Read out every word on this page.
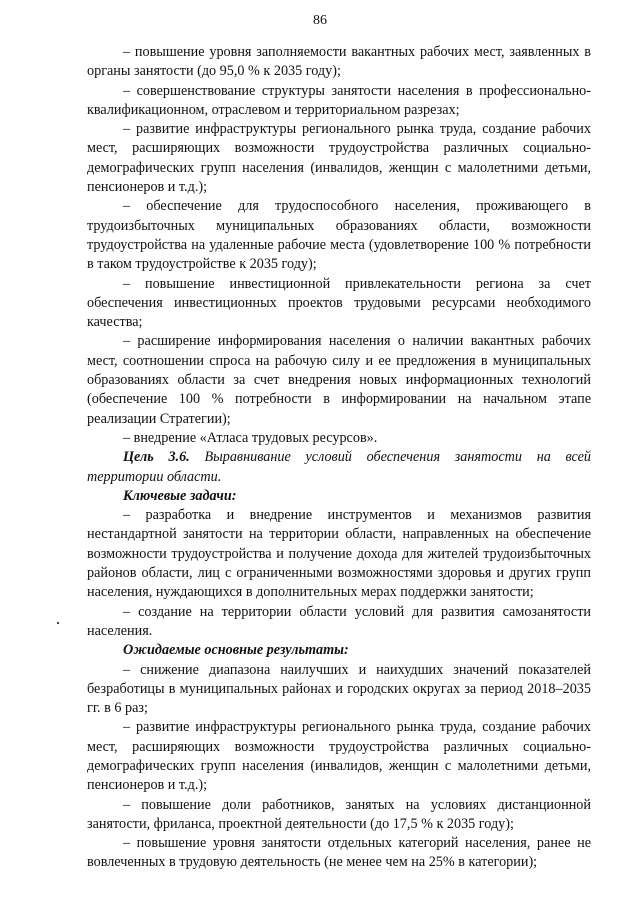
86

– повышение уровня заполняемости вакантных рабочих мест, заявленных в органы занятости (до 95,0 % к 2035 году);

– совершенствование структуры занятости населения в профессионально-квалификационном, отраслевом и территориальном разрезах;

– развитие инфраструктуры регионального рынка труда, создание рабочих мест, расширяющих возможности трудоустройства различных социально-демографических групп населения (инвалидов, женщин с малолетними детьми, пенсионеров и т.д.);

– обеспечение для трудоспособного населения, проживающего в трудоизбыточных муниципальных образованиях области, возможности трудоустройства на удаленные рабочие места (удовлетворение 100 % потребности в таком трудоустройстве к 2035 году);

– повышение инвестиционной привлекательности региона за счет обеспечения инвестиционных проектов трудовыми ресурсами необходимого качества;

– расширение информирования населения о наличии вакантных рабочих мест, соотношении спроса на рабочую силу и ее предложения в муниципальных образованиях области за счет внедрения новых информационных технологий (обеспечение 100 % потребности в информировании на начальном этапе реализации Стратегии);

– внедрение «Атласа трудовых ресурсов».

Цель 3.6. Выравнивание условий обеспечения занятости на всей территории области.

Ключевые задачи:

– разработка и внедрение инструментов и механизмов развития нестандартной занятости на территории области, направленных на обеспечение возможности трудоустройства и получение дохода для жителей трудоизбыточных районов области, лиц с ограниченными возможностями здоровья и других групп населения, нуждающихся в дополнительных мерах поддержки занятости;

– создание на территории области условий для развития самозанятости населения.

Ожидаемые основные результаты:

– снижение диапазона наилучших и наихудших значений показателей безработицы в муниципальных районах и городских округах за период 2018–2035 гг. в 6 раз;

– развитие инфраструктуры регионального рынка труда, создание рабочих мест, расширяющих возможности трудоустройства различных социально-демографических групп населения (инвалидов, женщин с малолетними детьми, пенсионеров и т.д.);

– повышение доли работников, занятых на условиях дистанционной занятости, фриланса, проектной деятельности (до 17,5 % к 2035 году);

– повышение уровня занятости отдельных категорий населения, ранее не вовлеченных в трудовую деятельность (не менее чем на 25% в категории);
